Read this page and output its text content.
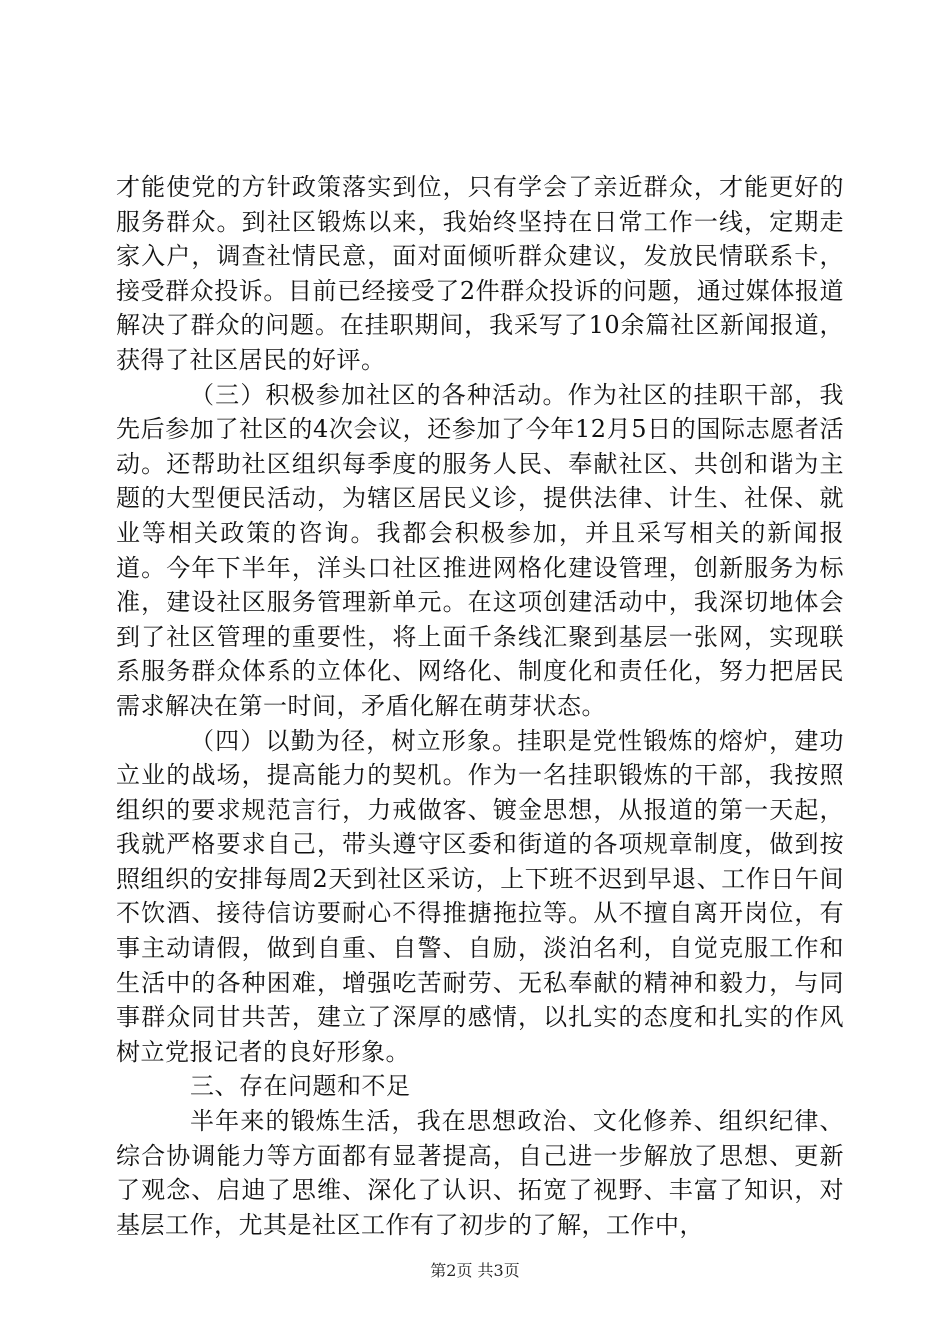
才能使党的方针政策落实到位，只有学会了亲近群众，才能更好的服务群众。到社区锻炼以来，我始终坚持在日常工作一线，定期走家入户，调查社情民意，面对面倾听群众建议，发放民情联系卡，接受群众投诉。目前已经接受了2件群众投诉的问题，通过媒体报道解决了群众的问题。在挂职期间，我采写了10余篇社区新闻报道，获得了社区居民的好评。

（三）积极参加社区的各种活动。作为社区的挂职干部，我先后参加了社区的4次会议，还参加了今年12月5日的国际志愿者活动。还帮助社区组织每季度的服务人民、奉献社区、共创和谐为主题的大型便民活动，为辖区居民义诊，提供法律、计生、社保、就业等相关政策的咨询。我都会积极参加，并且采写相关的新闻报道。今年下半年，洋头口社区推进网格化建设管理，创新服务为标准，建设社区服务管理新单元。在这项创建活动中，我深切地体会到了社区管理的重要性，将上面千条线汇聚到基层一张网，实现联系服务群众体系的立体化、网络化、制度化和责任化，努力把居民需求解决在第一时间，矛盾化解在萌芽状态。

（四）以勤为径，树立形象。挂职是党性锻炼的熔炉，建功立业的战场，提高能力的契机。作为一名挂职锻炼的干部，我按照组织的要求规范言行，力戒做客、镀金思想，从报道的第一天起，我就严格要求自己，带头遵守区委和街道的各项规章制度，做到按照组织的安排每周2天到社区采访，上下班不迟到早退、工作日午间不饮酒、接待信访要耐心不得推搪拖拉等。从不擅自离开岗位，有事主动请假，做到自重、自警、自励，淡泊名利，自觉克服工作和生活中的各种困难，增强吃苦耐劳、无私奉献的精神和毅力，与同事群众同甘共苦，建立了深厚的感情，以扎实的态度和扎实的作风树立党报记者的良好形象。

三、存在问题和不足

半年来的锻炼生活，我在思想政治、文化修养、组织纪律、综合协调能力等方面都有显著提高，自己进一步解放了思想、更新了观念、启迪了思维、深化了认识、拓宽了视野、丰富了知识，对基层工作，尤其是社区工作有了初步的了解，工作中，

第2页 共3页
